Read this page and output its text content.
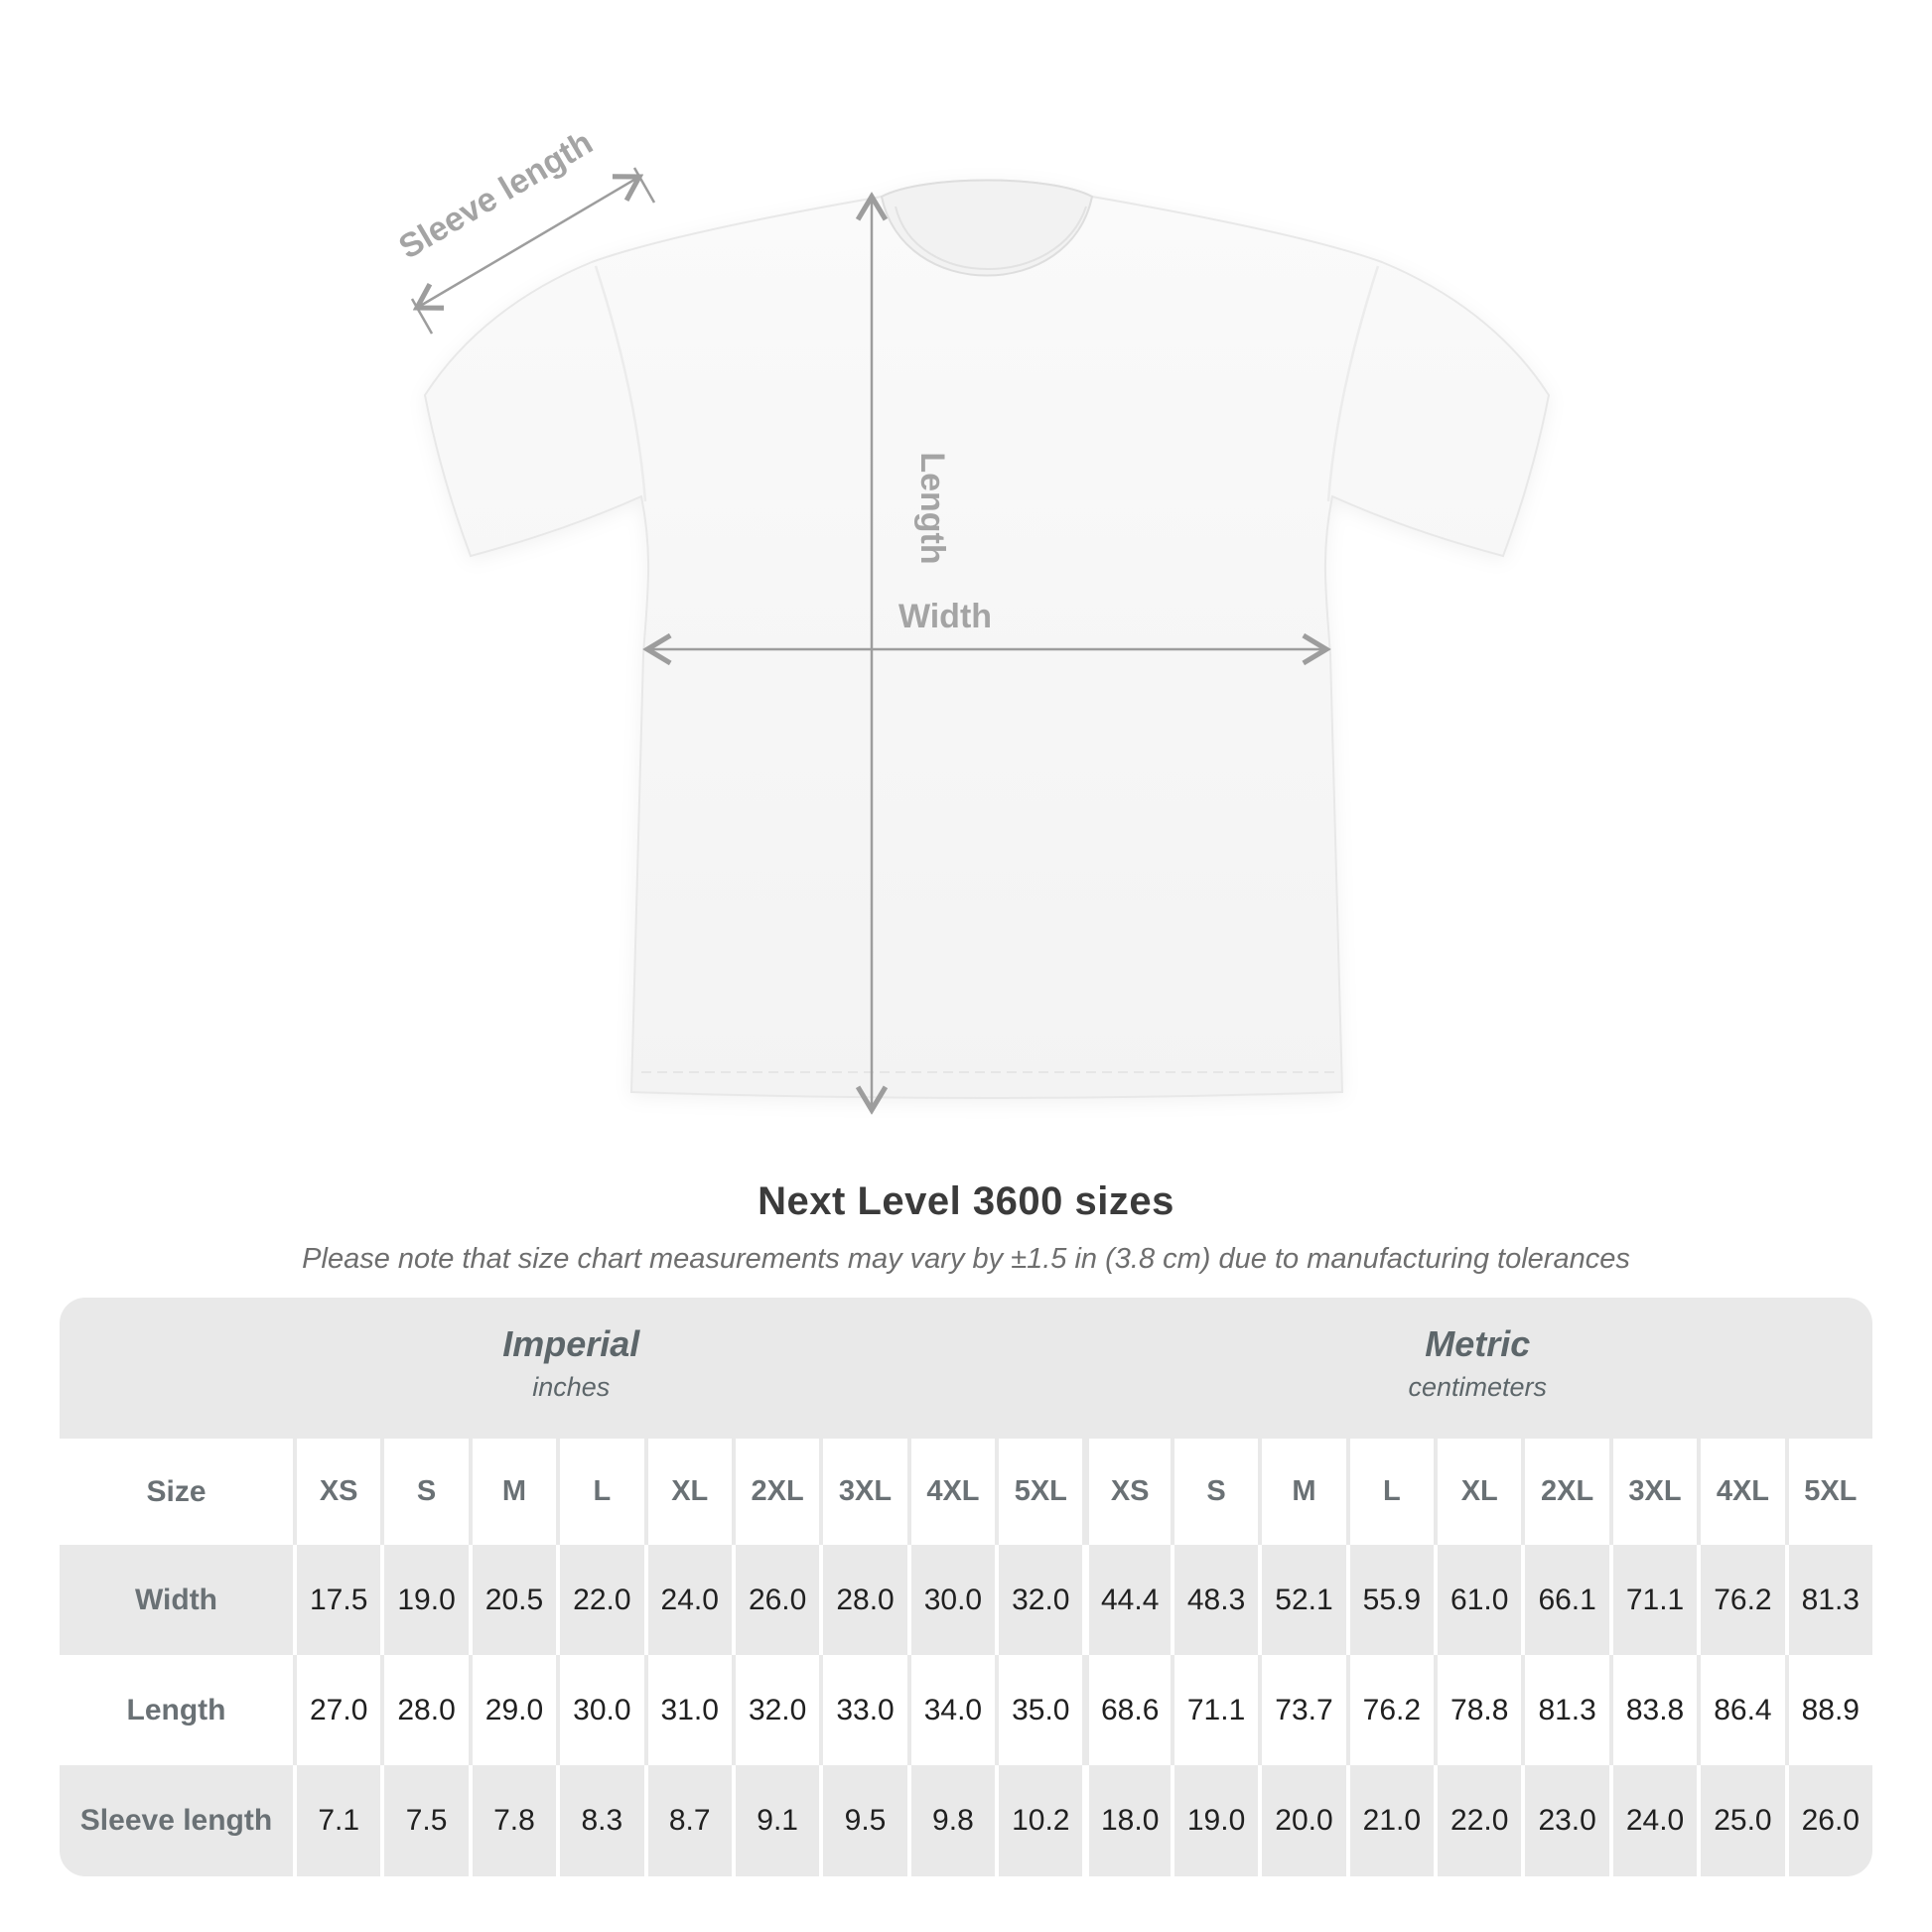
Sleeve length
Length
Width
Next Level 3600 sizes
Please note that size chart measurements may vary by ±1.5 in (3.8 cm) due to manufacturing tolerances
Imperial
inches
Metric
centimeters
Size	XS S M L XL 2XL 3XL 4XL 5XL XS S M L XL 2XL 3XL 4XL 5XL
Width	17.5 19.0 20.5 22.0 24.0 26.0 28.0 30.0 32.0 44.4 48.3 52.1 55.9 61.0 66.1 71.1 76.2 81.3
Length	27.0 28.0 29.0 30.0 31.0 32.0 33.0 34.0 35.0 68.6 71.1 73.7 76.2 78.8 81.3 83.8 86.4 88.9
Sleeve length 7.1 7.5 7.8 8.3 8.7 9.1 9.5 9.8 10.2 18.0 19.0 20.0 21.0 22.0 23.0 24.0 25.0 26.0
